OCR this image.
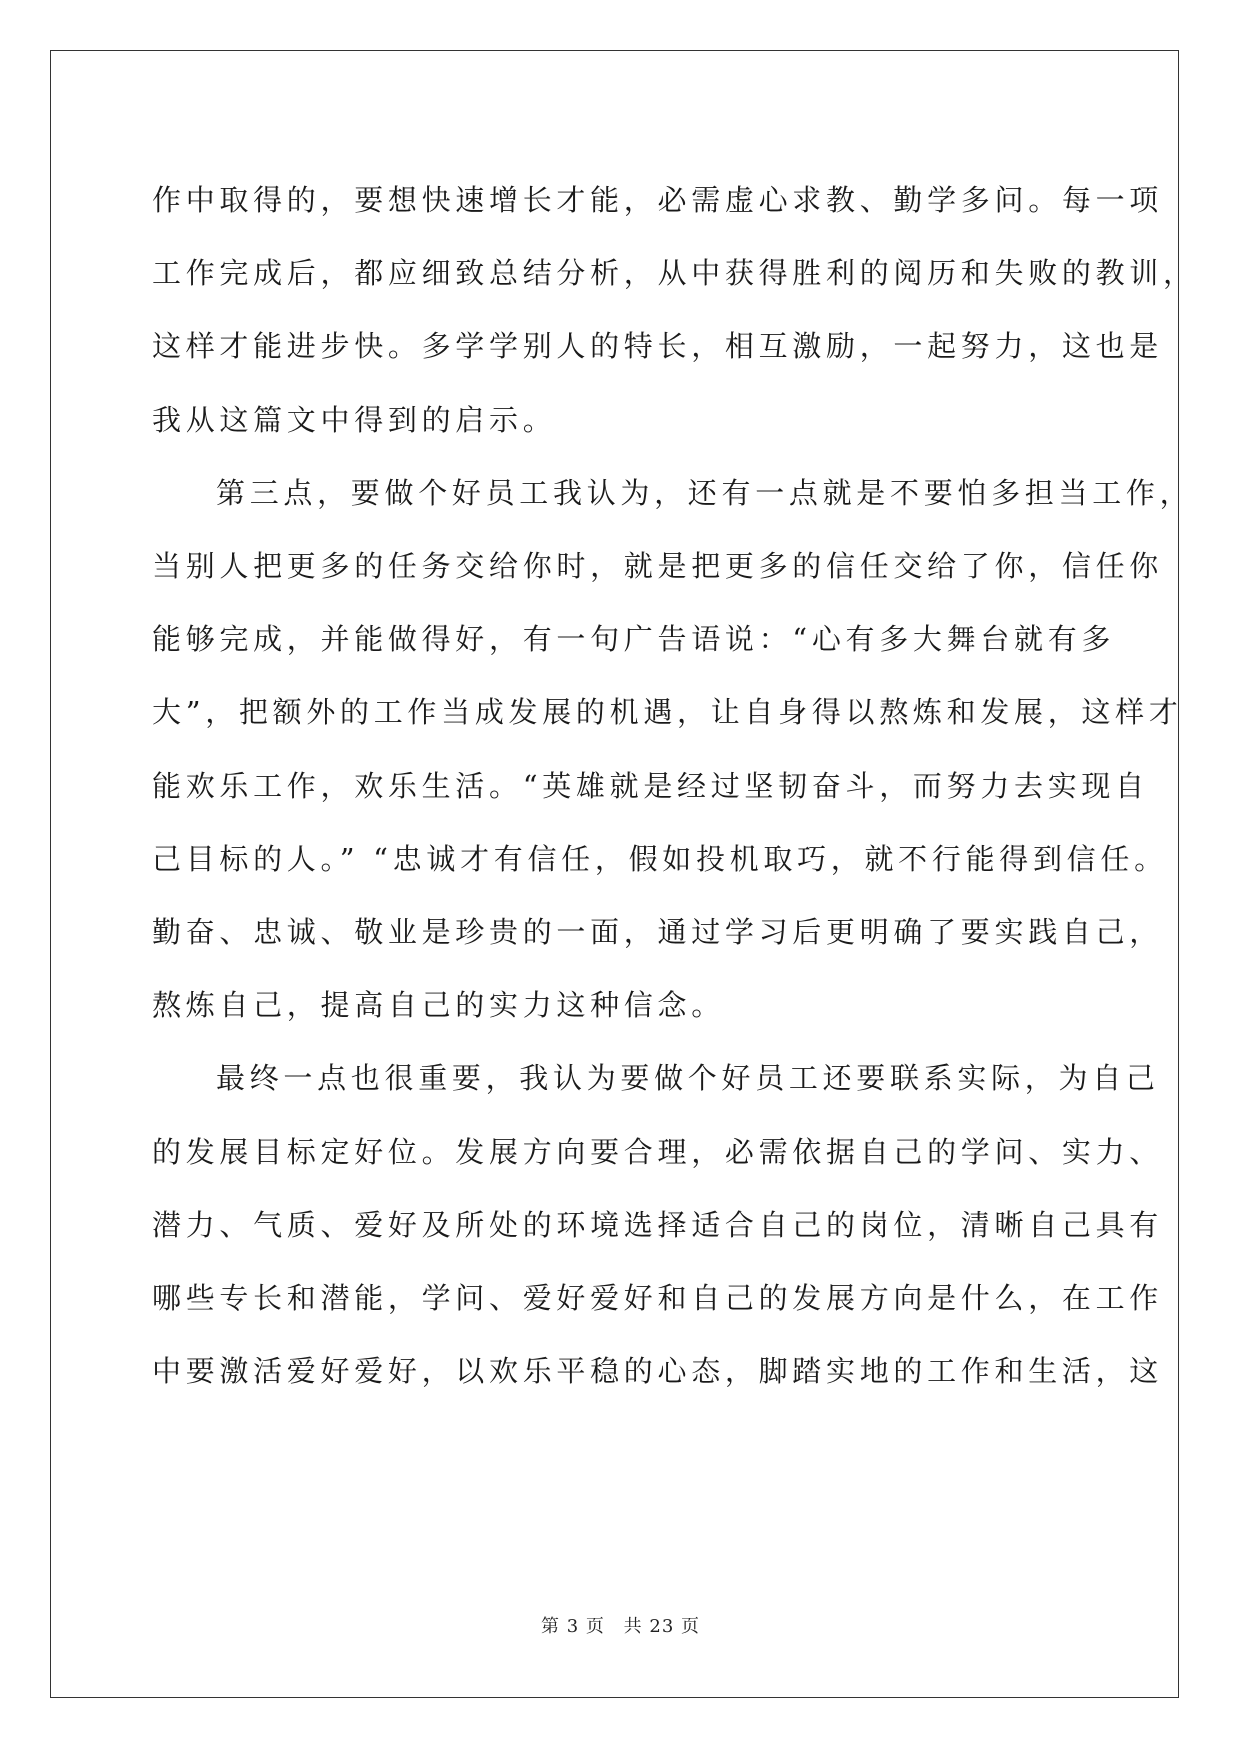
作中取得的，要想快速增长才能，必需虚心求教、勤学多问。每一项
工作完成后，都应细致总结分析，从中获得胜利的阅历和失败的教训，
这样才能进步快。多学学别人的特长，相互激励，一起努力，这也是
我从这篇文中得到的启示。
第三点，要做个好员工我认为，还有一点就是不要怕多担当工作，
当别人把更多的任务交给你时，就是把更多的信任交给了你，信任你
能够完成，并能做得好，有一句广告语说：“心有多大舞台就有多
大”，把额外的工作当成发展的机遇，让自身得以熬炼和发展，这样才
能欢乐工作，欢乐生活。“英雄就是经过坚韧奋斗，而努力去实现自
己目标的人。” “忠诚才有信任，假如投机取巧，就不行能得到信任。
勤奋、忠诚、敬业是珍贵的一面，通过学习后更明确了要实践自己，
熬炼自己，提高自己的实力这种信念。
最终一点也很重要，我认为要做个好员工还要联系实际，为自己
的发展目标定好位。发展方向要合理，必需依据自己的学问、实力、
潜力、气质、爱好及所处的环境选择适合自己的岗位，清晰自己具有
哪些专长和潜能，学问、爱好爱好和自己的发展方向是什么，在工作
中要激活爱好爱好，以欢乐平稳的心态，脚踏实地的工作和生活，这
第 3 页 共 23 页
